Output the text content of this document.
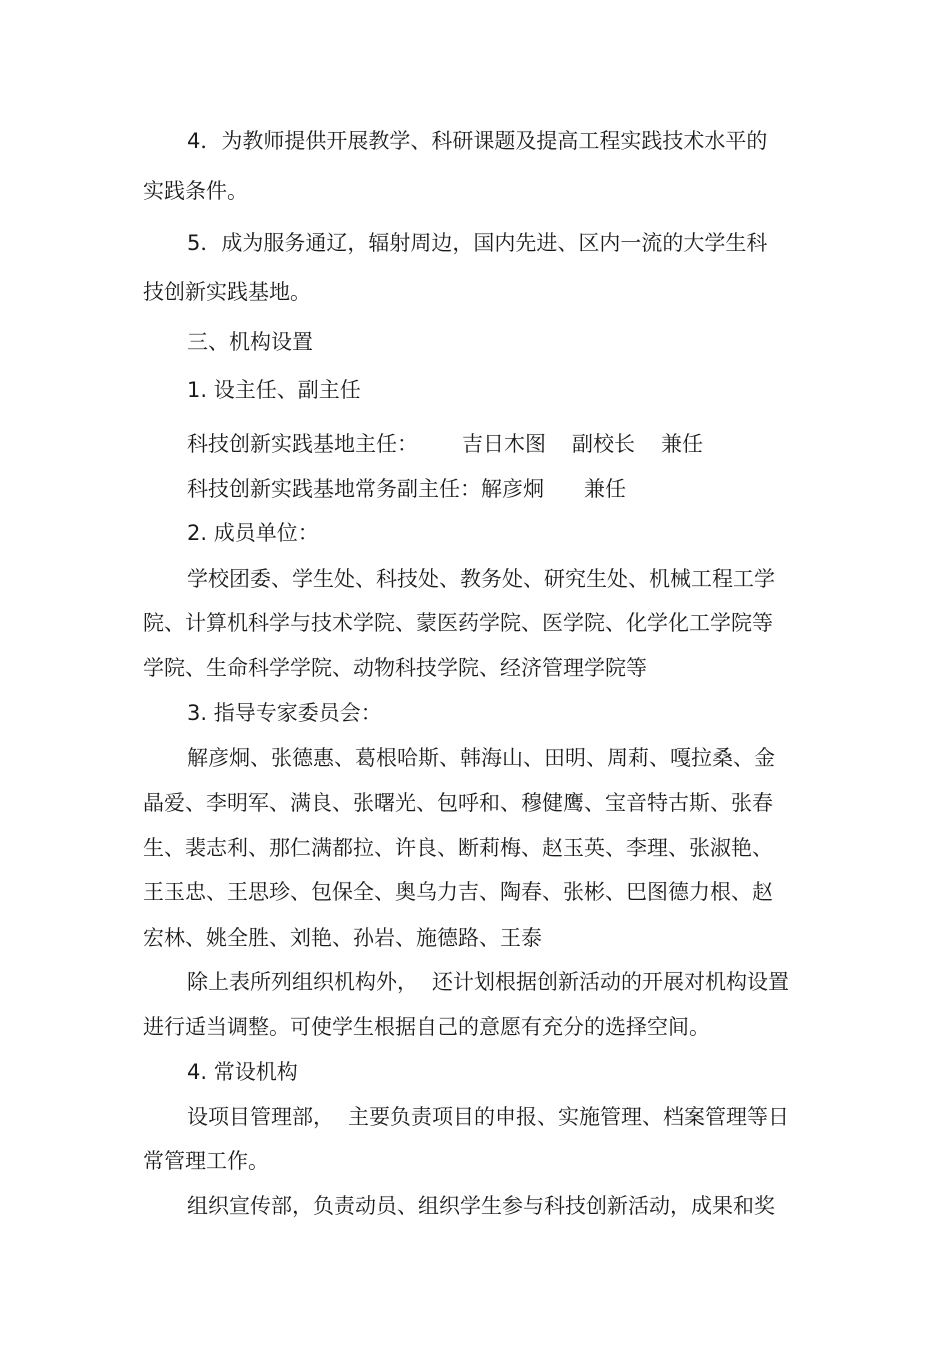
4．为教师提供开展教学、科研课题及提高工程实践技术水平的
实践条件。
5．成为服务通辽，辐射周边，国内先进、区内一流的大学生科
技创新实践基地。
三、机构设置
1. 设主任、副主任
科技创新实践基地主任： 吉日木图 副校长 兼任
科技创新实践基地常务副主任：解彦炯 兼任
2. 成员单位：
学校团委、学生处、科技处、教务处、研究生处、机械工程工学
院、计算机科学与技术学院、蒙医药学院、医学院、化学化工学院等
学院、生命科学学院、动物科技学院、经济管理学院等
3. 指导专家委员会：
解彦炯、张德惠、葛根哈斯、韩海山、田明、周莉、嘎拉桑、金
晶爱、李明军、满良、张曙光、包呼和、穆健鹰、宝音特古斯、张春
生、裴志利、那仁满都拉、许良、断莉梅、赵玉英、李理、张淑艳、
王玉忠、王思珍、包保全、奥乌力吉、陶春、张彬、巴图德力根、赵
宏林、姚全胜、刘艳、孙岩、施德路、王泰
除上表所列组织机构外， 还计划根据创新活动的开展对机构设置
进行适当调整。可使学生根据自己的意愿有充分的选择空间。
4. 常设机构
设项目管理部， 主要负责项目的申报、实施管理、档案管理等日
常管理工作。
组织宣传部，负责动员、组织学生参与科技创新活动，成果和奖
